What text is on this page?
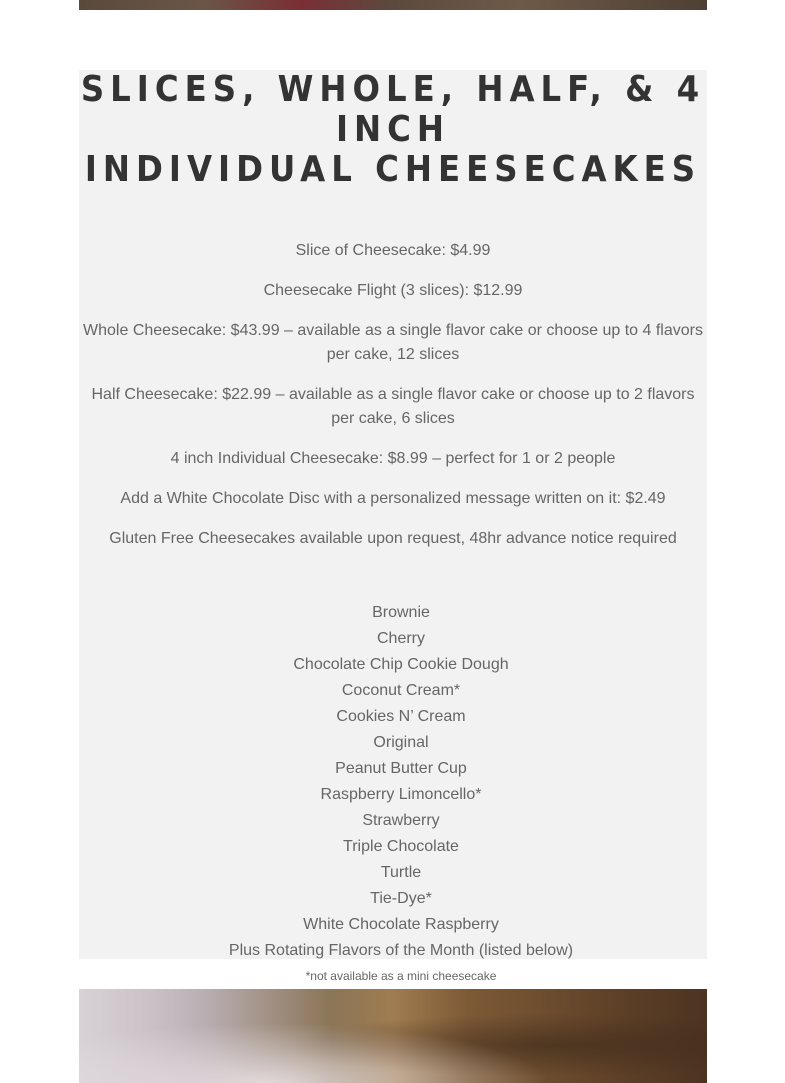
SLICES, WHOLE, HALF, & 4 INCH
INDIVIDUAL CHEESECAKES

Slice of Cheesecake: $4.99

Cheesecake Flight (3 slices): $12.99

Whole Cheesecake: $43.99 – available as a single flavor cake or choose up to 4 flavors per cake, 12 slices

Half Cheesecake: $22.99 – available as a single flavor cake or choose up to 2 flavors per cake, 6 slices

4 inch Individual Cheesecake: $8.99 – perfect for 1 or 2 people

Add a White Chocolate Disc with a personalized message written on it: $2.49

Gluten Free Cheesecakes available upon request, 48hr advance notice required

Brownie
Cherry
Chocolate Chip Cookie Dough
Coconut Cream*
Cookies N’ Cream
Original
Peanut Butter Cup
Raspberry Limoncello*
Strawberry
Triple Chocolate
Turtle
Tie-Dye*
White Chocolate Raspberry
Plus Rotating Flavors of the Month (listed below)
*not available as a mini cheesecake
